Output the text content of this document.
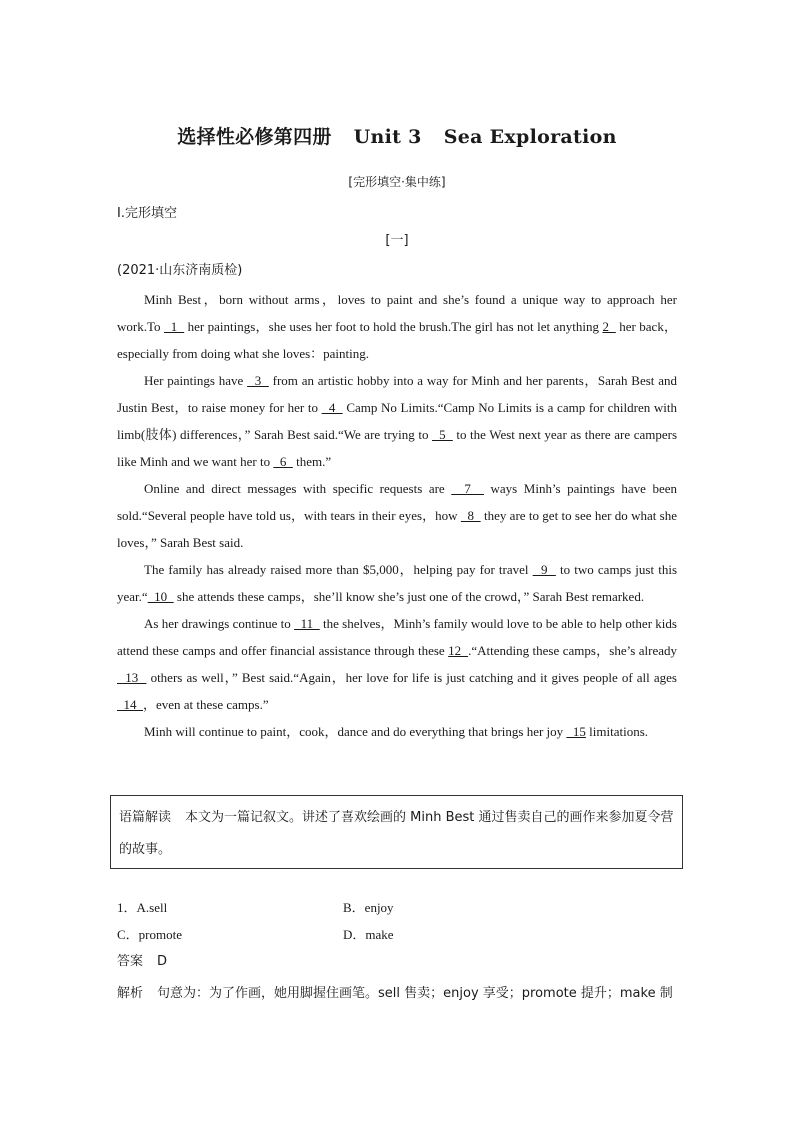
选择性必修第四册 Unit 3 Sea Exploration
[完形填空·集中练]
Ⅰ.完形填空
[一]
(2021·山东济南质检)

Minh Best，born without arms，loves to paint and she’s found a unique way to approach her work.To   1   her paintings，she uses her foot to hold the brush.The girl has not let anything 2   her back，especially from doing what she loves：painting.

Her paintings have   3   from an artistic hobby into a way for Minh and her parents，Sarah Best and Justin Best，to raise money for her to   4   Camp No Limits.“Camp No Limits is a camp for children with limb(肢体) differences，” Sarah Best said.“We are trying to   5   to the West next year as there are campers like Minh and we want her to   6   them.”

Online and direct messages with specific requests are   7   ways Minh’s paintings have been sold.“Several people have told us，with tears in their eyes，how   8   they are to get to see her do what she loves，” Sarah Best said.

The family has already raised more than $5,000，helping pay for travel   9   to two camps just this year.“  10   she attends these camps，she’ll know she’s just one of the crowd，” Sarah Best remarked.

As her drawings continue to   11   the shelves，Minh’s family would love to be able to help other kids attend these camps and offer financial assistance through these 12  .“Attending these camps，she’s already   13   others as well，” Best said.“Again，her love for life is just catching and it gives people of all ages   14  ，even at these camps.”

Minh will continue to paint，cook，dance and do everything that brings her joy   15 limitations.

语篇解读 本文为一篇记叙文。讲述了喜欢绘画的 Minh Best 通过售卖自己的画作来参加夏令营的故事。
1．A.sell	B．enjoy
C．promote	D．make
答案 D
解析 句意为：为了作画，她用脚握住画笔。sell 售卖；enjoy 享受；promote 提升；make 制
